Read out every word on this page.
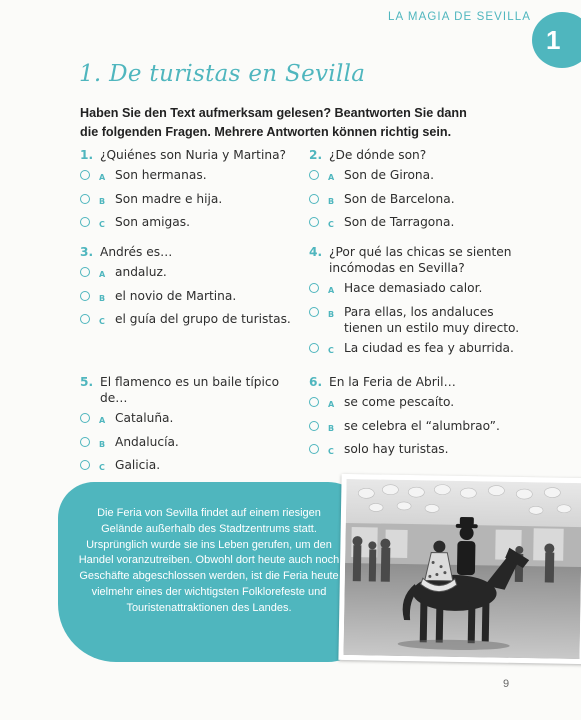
LA MAGIA DE SEVILLA
1
1. De turistas en Sevilla
Haben Sie den Text aufmerksam gelesen? Beantworten Sie dann die folgenden Fragen. Mehrere Antworten können richtig sein.
1. ¿Quiénes son Nuria y Martina?
A Son hermanas.
B Son madre e hija.
C Son amigas.
2. ¿De dónde son?
A Son de Girona.
B Son de Barcelona.
C Son de Tarragona.
3. Andrés es…
A andaluz.
B el novio de Martina.
C el guía del grupo de turistas.
4. ¿Por qué las chicas se sienten incómodas en Sevilla?
A Hace demasiado calor.
B Para ellas, los andaluces tienen un estilo muy directo.
C La ciudad es fea y aburrida.
5. El flamenco es un baile típico de…
A Cataluña.
B Andalucía.
C Galicia.
6. En la Feria de Abril…
A se come pescaíto.
B se celebra el “alumbrao”.
C solo hay turistas.
Die Feria von Sevilla findet auf einem riesigen Gelände außerhalb des Stadtzentrums statt. Ursprünglich wurde sie ins Leben gerufen, um den Handel voranzutreiben. Obwohl dort heute auch noch Geschäfte abgeschlossen werden, ist die Feria heute vielmehr eines der wichtigsten Folklorefeste und Touristenattraktionen des Landes.
9
